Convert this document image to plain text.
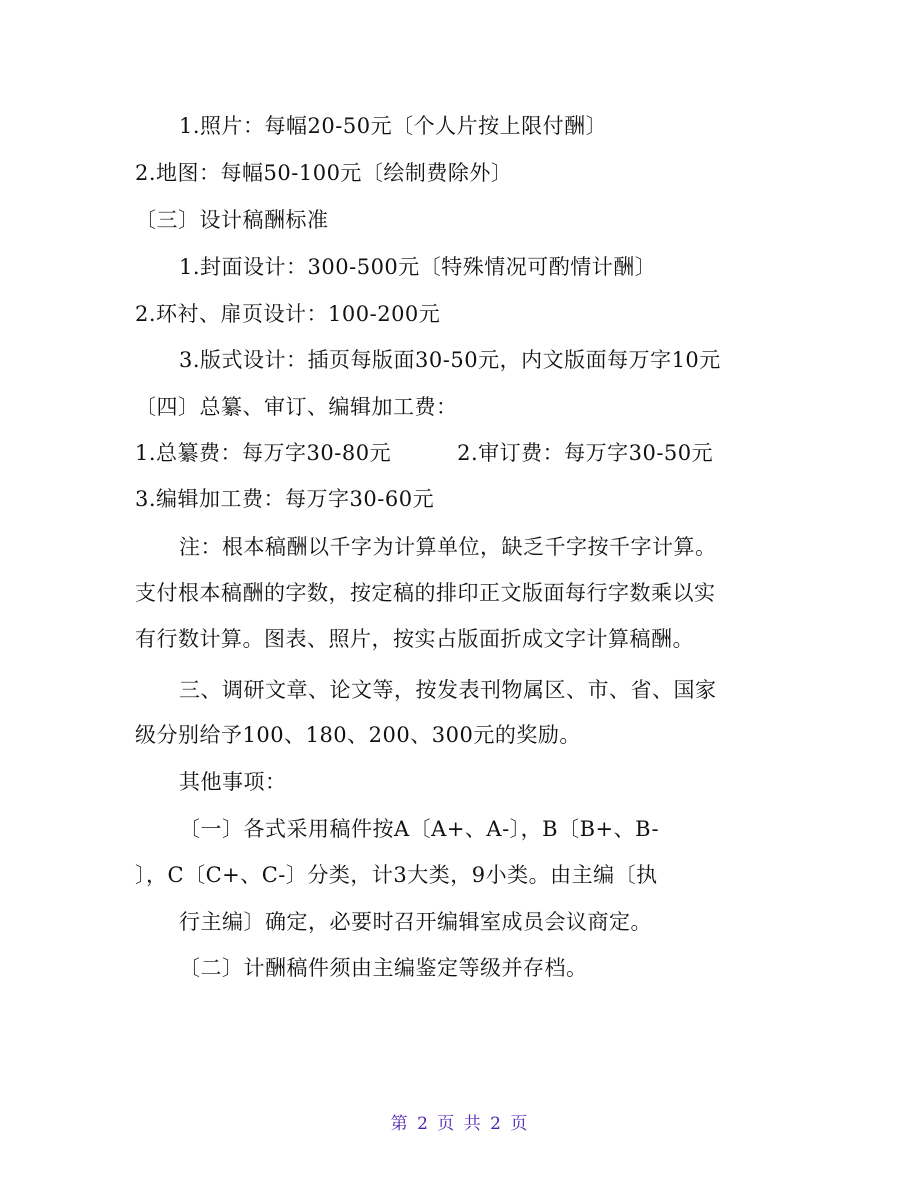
1.照片：每幅20-50元〔个人片按上限付酬〕
2.地图：每幅50-100元〔绘制费除外〕
〔三〕设计稿酬标准
1.封面设计：300-500元〔特殊情况可酌情计酬〕
2.环衬、扉页设计：100-200元
3.版式设计：插页每版面30-50元，内文版面每万字10元
〔四〕总纂、审订、编辑加工费：
1.总纂费：每万字30-80元	2.审订费：每万字30-50元
3.编辑加工费：每万字30-60元
注：根本稿酬以千字为计算单位，缺乏千字按千字计算。
支付根本稿酬的字数，按定稿的排印正文版面每行字数乘以实
有行数计算。图表、照片，按实占版面折成文字计算稿酬。
三、调研文章、论文等，按发表刊物属区、市、省、国家
级分别给予100、180、200、300元的奖励。
其他事项：
〔一〕各式采用稿件按A〔A+、A-〕，B〔B+、B-
〕，C〔C+、C-〕分类，计3大类，9小类。由主编〔执
行主编〕确定，必要时召开编辑室成员会议商定。
〔二〕计酬稿件须由主编鉴定等级并存档。
第 2 页 共 2 页
